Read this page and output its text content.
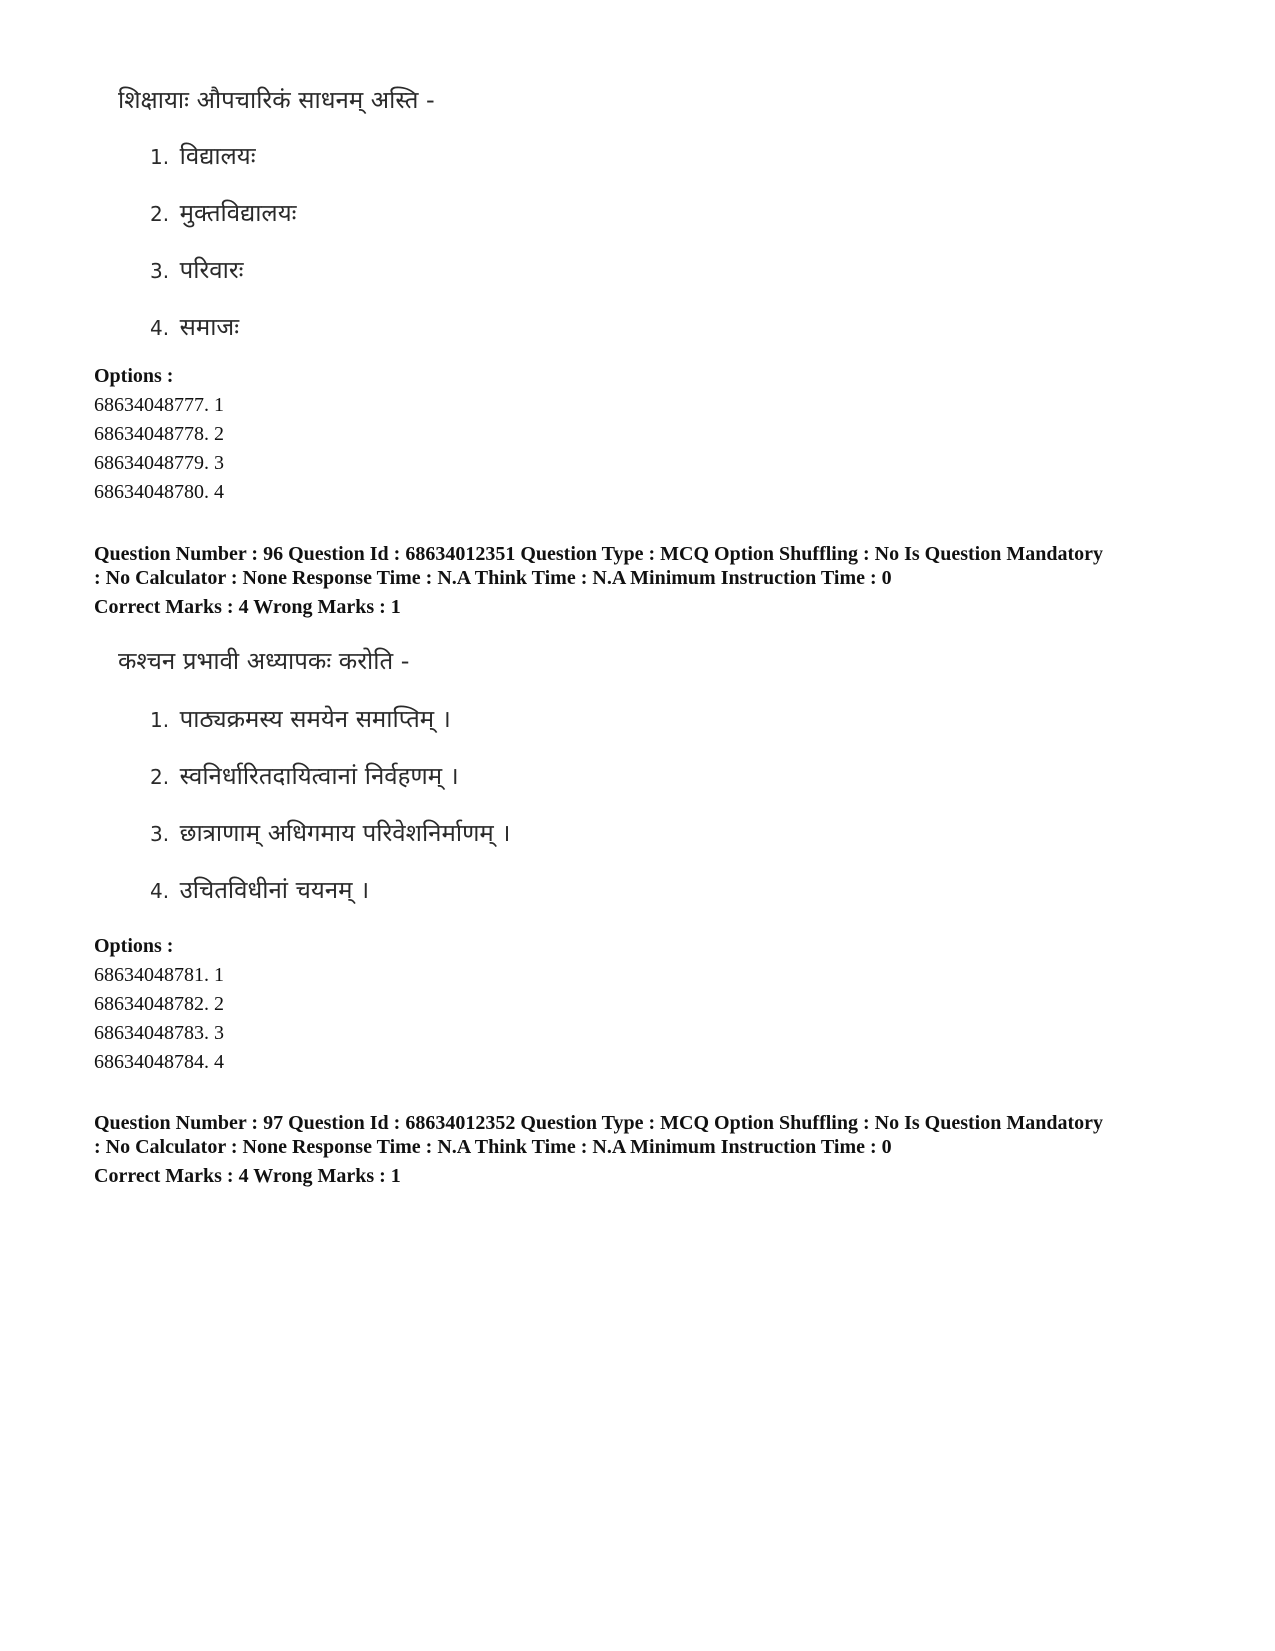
शिक्षायाः औपचारिकं साधनम् अस्ति -
1. विद्यालयः
2. मुक्तविद्यालयः
3. परिवारः
4. समाजः
Options :
68634048777. 1
68634048778. 2
68634048779. 3
68634048780. 4
Question Number : 96 Question Id : 68634012351 Question Type : MCQ Option Shuffling : No Is Question Mandatory
: No Calculator : None Response Time : N.A Think Time : N.A Minimum Instruction Time : 0
Correct Marks : 4 Wrong Marks : 1
कश्चन प्रभावी अध्यापकः करोति -
1. पाठ्यक्रमस्य समयेन समाप्तिम् ।
2. स्वनिर्धारितदायित्वानां निर्वहणम् ।
3. छात्राणाम् अधिगमाय परिवेशनिर्माणम् ।
4. उचितविधीनां चयनम् ।
Options :
68634048781. 1
68634048782. 2
68634048783. 3
68634048784. 4
Question Number : 97 Question Id : 68634012352 Question Type : MCQ Option Shuffling : No Is Question Mandatory
: No Calculator : None Response Time : N.A Think Time : N.A Minimum Instruction Time : 0
Correct Marks : 4 Wrong Marks : 1
